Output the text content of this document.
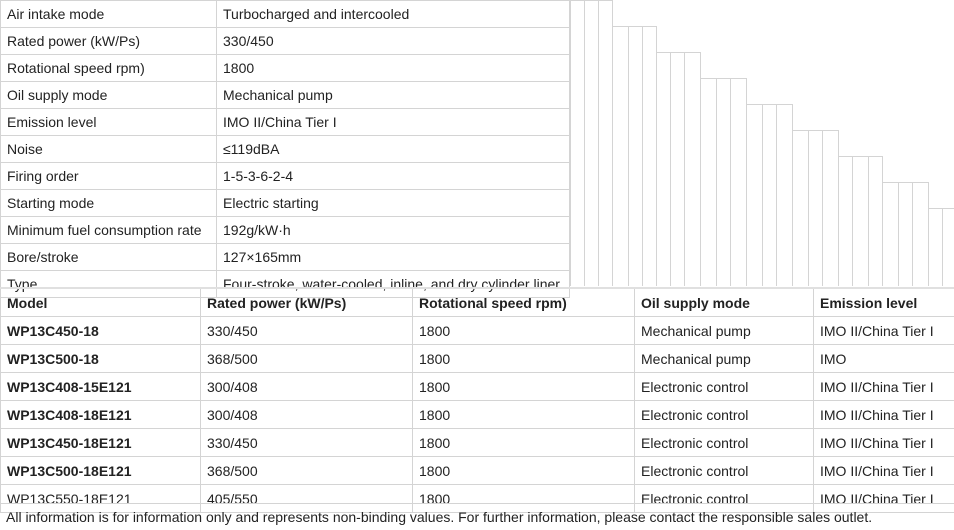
Air intake mode	Turbocharged and intercooled
Rated power (kW/Ps)	330/450
Rotational speed rpm)	1800
Oil supply mode	Mechanical pump
Emission level	IMO II/China Tier I
Noise	≤119dBA
Firing order	1-5-3-6-2-4
Starting mode	Electric starting
Minimum fuel consumption rate	192g/kW·h
Bore/stroke	127×165mm
Type	Four-stroke, water-cooled, inline, and dry cylinder liner
Model	Rated power (kW/Ps)	Rotational speed rpm)	Oil supply mode	Emission level
WP13C450-18	330/450	1800	Mechanical pump	IMO II/China Tier I
WP13C500-18	368/500	1800	Mechanical pump	IMO
WP13C408-15E121	300/408	1800	Electronic control	IMO II/China Tier I
WP13C408-18E121	300/408	1800	Electronic control	IMO II/China Tier I
WP13C450-18E121	330/450	1800	Electronic control	IMO II/China Tier I
WP13C500-18E121	368/500	1800	Electronic control	IMO II/China Tier I
WP13C550-18E121	405/550	1800	Electronic control	IMO II/China Tier I
All information is for information only and represents non-binding values. For further information, please contact the responsible sales outlet.
